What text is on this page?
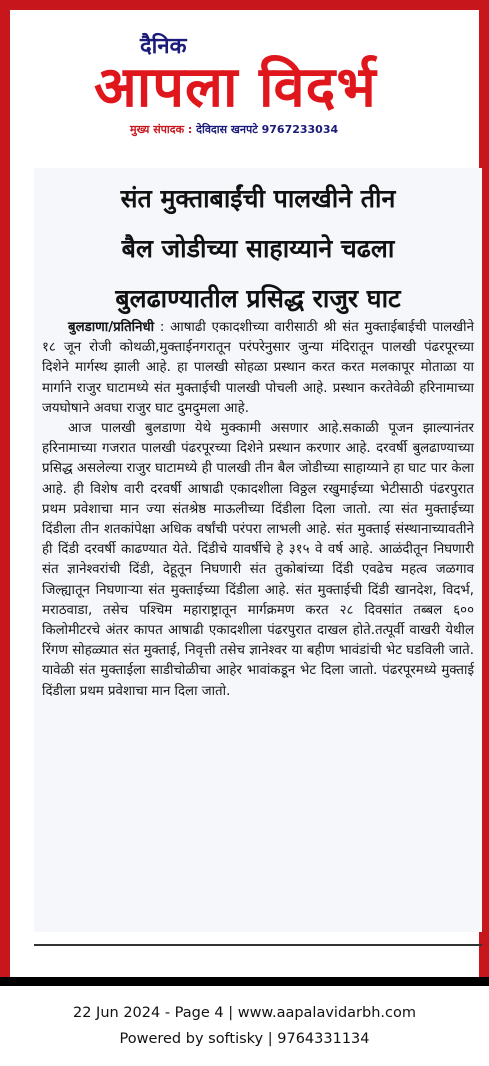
दैनिक
आपला विदर्भ
मुख्य संपादक : देविदास खनपटे 9767233034
संत मुक्ताबाईंची पालखीने तीन
बैल जोडीच्या साहाय्याने चढला
बुलढाण्यातील प्रसिद्ध राजुर घाट

बुलडाणा/प्रतिनिधी : आषाढी एकादशीच्या वारीसाठी श्री संत मुक्ताईबाईची पालखीने १८ जून रोजी कोथळी,मुक्ताईनगरातून परंपरेनुसार जुन्या मंदिरातून पालखी पंढरपूरच्या दिशेने मार्गस्थ झाली आहे. हा पालखी सोहळा प्रस्थान करत करत मलकापूर मोताळा या मार्गाने राजुर घाटामध्ये संत मुक्ताईची पालखी पोचली आहे. प्रस्थान करतेवेळी हरिनामाच्या जयघोषाने अवघा राजुर घाट दुमदुमला आहे.

आज पालखी बुलडाणा येथे मुक्कामी असणार आहे.सकाळी पूजन झाल्यानंतर हरिनामाच्या गजरात पालखी पंढरपूरच्या दिशेने प्रस्थान करणार आहे. दरवर्षी बुलढाण्याच्या प्रसिद्ध असलेल्या राजुर घाटामध्ये ही पालखी तीन बैल जोडीच्या साहाय्याने हा घाट पार केला आहे. ही विशेष वारी दरवर्षी आषाढी एकादशीला विठ्ठल रखुमाईच्या भेटीसाठी पंढरपुरात प्रथम प्रवेशाचा मान ज्या संतश्रेष्ठ माऊलीच्या दिंडीला दिला जातो. त्या संत मुक्ताईच्या दिंडीला तीन शतकांपेक्षा अधिक वर्षांची परंपरा लाभली आहे. संत मुक्ताई संस्थानाच्यावतीने ही दिंडी दरवर्षी काढण्यात येते. दिंडीचे यावर्षीचे हे ३१५ वे वर्ष आहे. आळंदीतून निघणारी संत ज्ञानेश्वरांची दिंडी, देहूतून निघणारी संत तुकोबांच्या दिंडी एवढेच महत्व जळगाव जिल्ह्यातून निघणाऱ्या संत मुक्ताईच्या दिंडीला आहे. संत मुक्ताईची दिंडी खानदेश, विदर्भ, मराठवाडा, तसेच पश्चिम महाराष्ट्रातून मार्गक्रमण करत २८ दिवसांत तब्बल ६०० किलोमीटरचे अंतर कापत आषाढी एकादशीला पंढरपुरात दाखल होते.तत्पूर्वी वाखरी येथील रिंगण सोहळ्यात संत मुक्ताई, निवृत्ती तसेच ज्ञानेश्वर या बहीण भावंडांची भेट घडविली जाते. यावेळी संत मुक्ताईला साडीचोळीचा आहेर भावांकडून भेट दिला जातो. पंढरपूरमध्ये मुक्ताई दिंडीला प्रथम प्रवेशाचा मान दिला जातो.

22 Jun 2024 - Page 4 | www.aapalavidarbh.com
Powered by softisky | 9764331134
